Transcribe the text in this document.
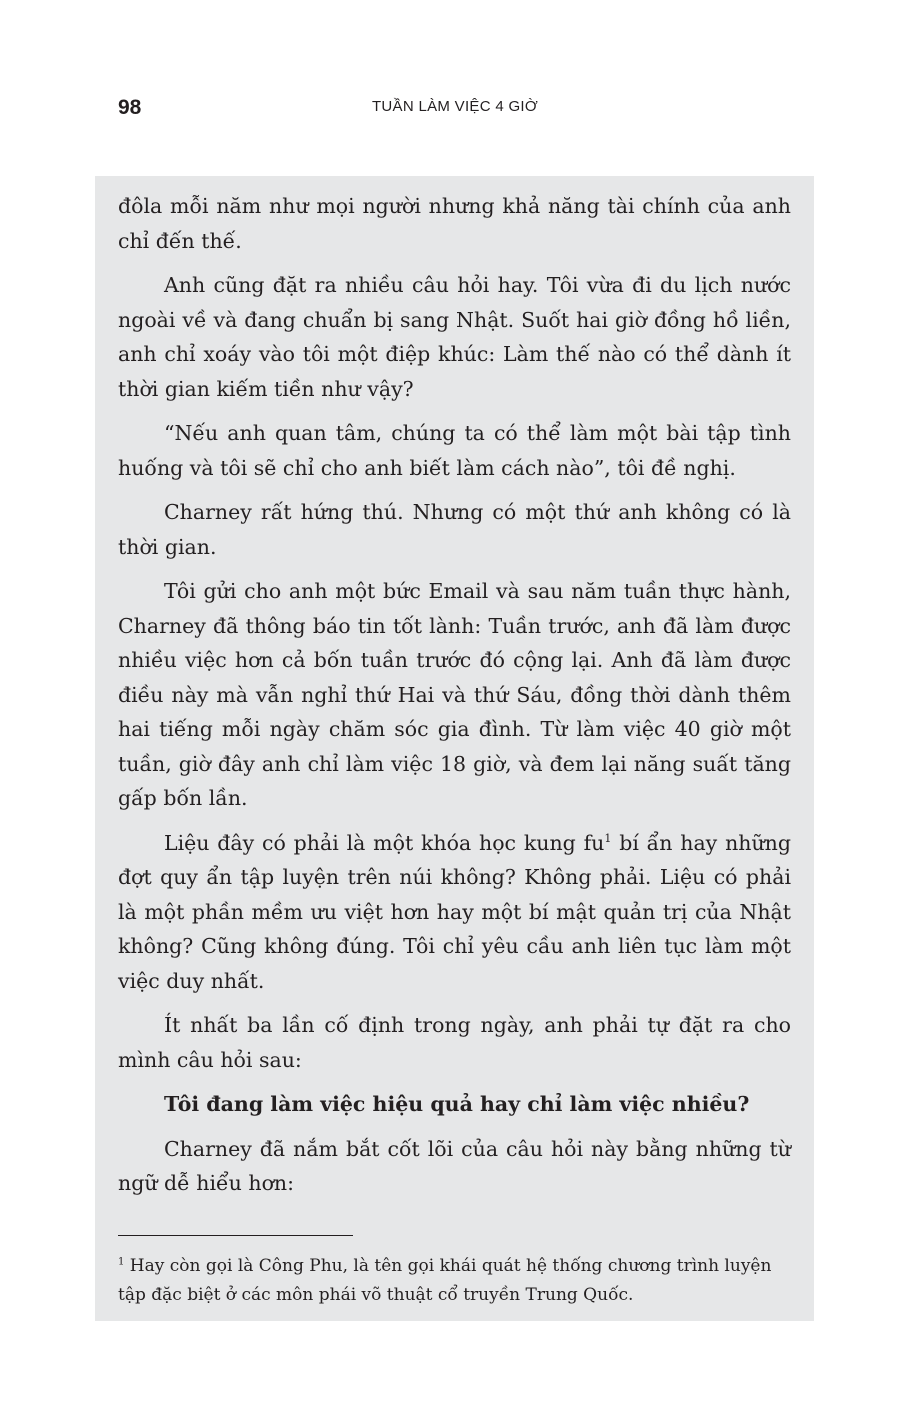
98	TUẦN LÀM VIỆC 4 GIỜ

đôla mỗi năm như mọi người nhưng khả năng tài chính của anh chỉ đến thế.

Anh cũng đặt ra nhiều câu hỏi hay. Tôi vừa đi du lịch nước ngoài về và đang chuẩn bị sang Nhật. Suốt hai giờ đồng hồ liền, anh chỉ xoáy vào tôi một điệp khúc: Làm thế nào có thể dành ít thời gian kiếm tiền như vậy?

“Nếu anh quan tâm, chúng ta có thể làm một bài tập tình huống và tôi sẽ chỉ cho anh biết làm cách nào”, tôi đề nghị.

Charney rất hứng thú. Nhưng có một thứ anh không có là thời gian.

Tôi gửi cho anh một bức Email và sau năm tuần thực hành, Charney đã thông báo tin tốt lành: Tuần trước, anh đã làm được nhiều việc hơn cả bốn tuần trước đó cộng lại. Anh đã làm được điều này mà vẫn nghỉ thứ Hai và thứ Sáu, đồng thời dành thêm hai tiếng mỗi ngày chăm sóc gia đình. Từ làm việc 40 giờ một tuần, giờ đây anh chỉ làm việc 18 giờ, và đem lại năng suất tăng gấp bốn lần.

Liệu đây có phải là một khóa học kung $fu^1$ bí ẩn hay những đợt quy ẩn tập luyện trên núi không? Không phải. Liệu có phải là một phần mềm ưu việt hơn hay một bí mật quản trị của Nhật không? Cũng không đúng. Tôi chỉ yêu cầu anh liên tục làm một việc duy nhất.

Ít nhất ba lần cố định trong ngày, anh phải tự đặt ra cho mình câu hỏi sau:

Tôi đang làm việc hiệu quả hay chỉ làm việc nhiều?

Charney đã nắm bắt cốt lõi của câu hỏi này bằng những từ ngữ dễ hiểu hơn:

$^1$ Hay còn gọi là Công Phu, là tên gọi khái quát hệ thống chương trình luyện tập đặc biệt ở các môn phái võ thuật cổ truyền Trung Quốc.
